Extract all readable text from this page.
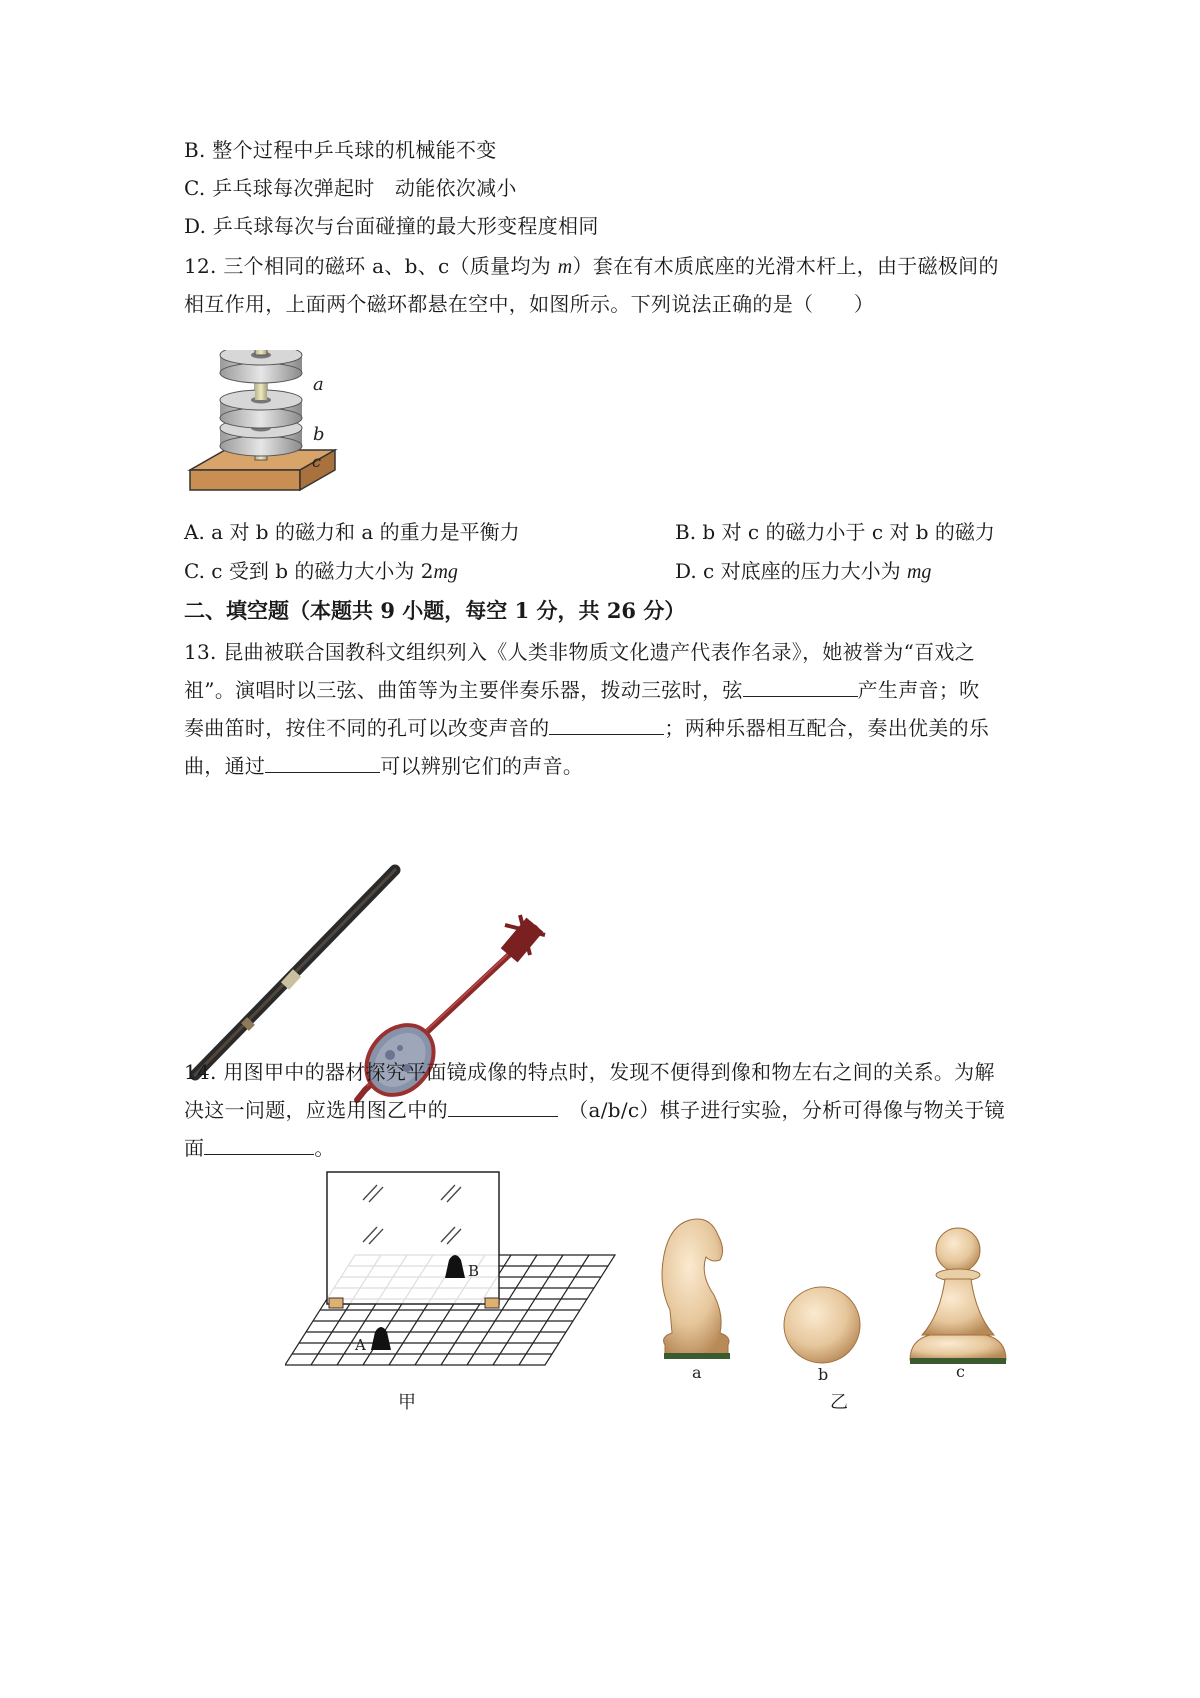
B. 整个过程中乒乓球的机械能不变
C. 乒乓球每次弹起时　动能依次减小
D. 乒乓球每次与台面碰撞的最大形变程度相同
12. 三个相同的磁环 a、b、c（质量均为 m）套在有木质底座的光滑木杆上，由于磁极间的
相互作用，上面两个磁环都悬在空中，如图所示。下列说法正确的是（　　）
a
b
c
A. a 对 b 的磁力和 a 的重力是平衡力	B. b 对 c 的磁力小于 c 对 b 的磁力
C. c 受到 b 的磁力大小为 2mg	D. c 对底座的压力大小为 mg
二、填空题（本题共 9 小题，每空 1 分，共 26 分）
13. 昆曲被联合国教科文组织列入《人类非物质文化遗产代表作名录》，她被誉为“百戏之
祖”。演唱时以三弦、曲笛等为主要伴奏乐器，拨动三弦时，弦	产生声音；吹
奏曲笛时，按住不同的孔可以改变声音的	；两种乐器相互配合，奏出优美的乐
曲，通过	可以辨别它们的声音。
14. 用图甲中的器材探究平面镜成像的特点时，发现不便得到像和物左右之间的关系。为解
决这一问题，应选用图乙中的　	（a/b/c）棋子进行实验，分析可得像与物关于镜
面	。
B
A
甲
a	b	c
乙
